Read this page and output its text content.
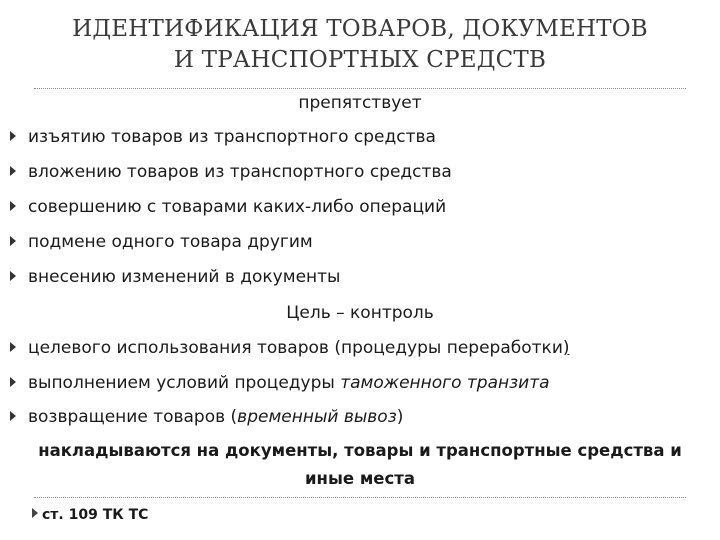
ИДЕНТИФИКАЦИЯ ТОВАРОВ, ДОКУМЕНТОВ
И ТРАНСПОРТНЫХ СРЕДСТВ
препятствует
изъятию товаров из транспортного средства
вложению товаров из транспортного средства
совершению с товарами каких-либо операций
подмене одного товара другим
внесению изменений в документы
Цель – контроль
целевого использования товаров (процедуры переработки)
выполнением условий процедуры таможенного транзита
возвращение товаров (временный вывоз)
накладываются на документы, товары и транспортные средства и
иные места
ст. 109 ТК ТС
